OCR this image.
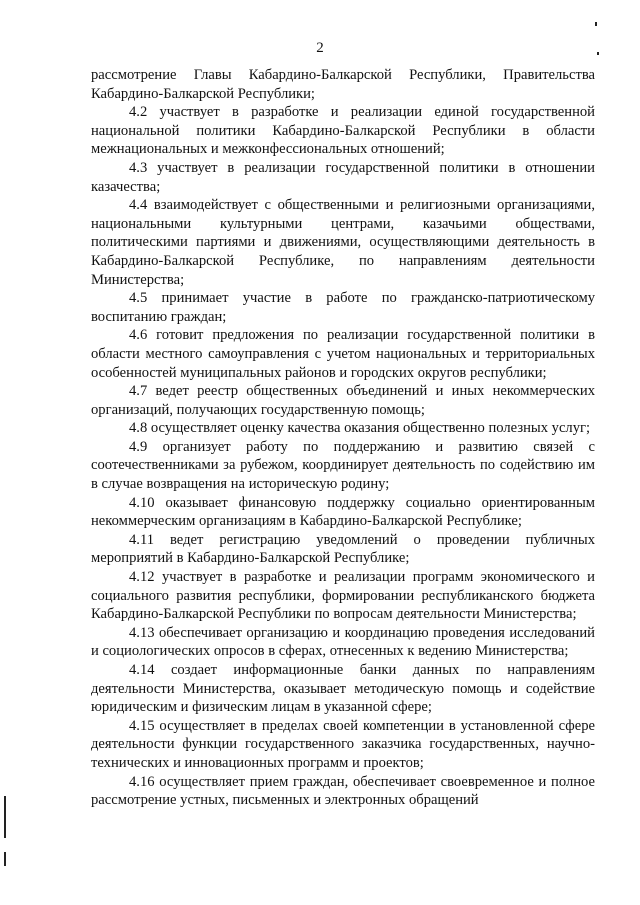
2

рассмотрение Главы Кабардино-Балкарской Республики, Правительства Кабардино-Балкарской Республики;

4.2 участвует в разработке и реализации единой государственной национальной политики Кабардино-Балкарской Республики в области межнациональных и межконфессиональных отношений;

4.3 участвует в реализации государственной политики в отношении казачества;

4.4 взаимодействует с общественными и религиозными организациями, национальными культурными центрами, казачьими обществами, политическими партиями и движениями, осуществляющими деятельность в Кабардино-Балкарской Республике, по направлениям деятельности Министерства;

4.5 принимает участие в работе по гражданско-патриотическому воспитанию граждан;

4.6 готовит предложения по реализации государственной политики в области местного самоуправления с учетом национальных и территориальных особенностей муниципальных районов и городских округов республики;

4.7 ведет реестр общественных объединений и иных некоммерческих организаций, получающих государственную помощь;

4.8 осуществляет оценку качества оказания общественно полезных услуг;

4.9 организует работу по поддержанию и развитию связей с соотечественниками за рубежом, координирует деятельность по содействию им в случае возвращения на историческую родину;

4.10 оказывает финансовую поддержку социально ориентированным некоммерческим организациям в Кабардино-Балкарской Республике;

4.11 ведет регистрацию уведомлений о проведении публичных мероприятий в Кабардино-Балкарской Республике;

4.12 участвует в разработке и реализации программ экономического и социального развития республики, формировании республиканского бюджета Кабардино-Балкарской Республики по вопросам деятельности Министерства;

4.13 обеспечивает организацию и координацию проведения исследований и социологических опросов в сферах, отнесенных к ведению Министерства;

4.14 создает информационные банки данных по направлениям деятельности Министерства, оказывает методическую помощь и содействие юридическим и физическим лицам в указанной сфере;

4.15 осуществляет в пределах своей компетенции в установленной сфере деятельности функции государственного заказчика государственных, научно-технических и инновационных программ и проектов;

4.16 осуществляет прием граждан, обеспечивает своевременное и полное рассмотрение устных, письменных и электронных обращений
